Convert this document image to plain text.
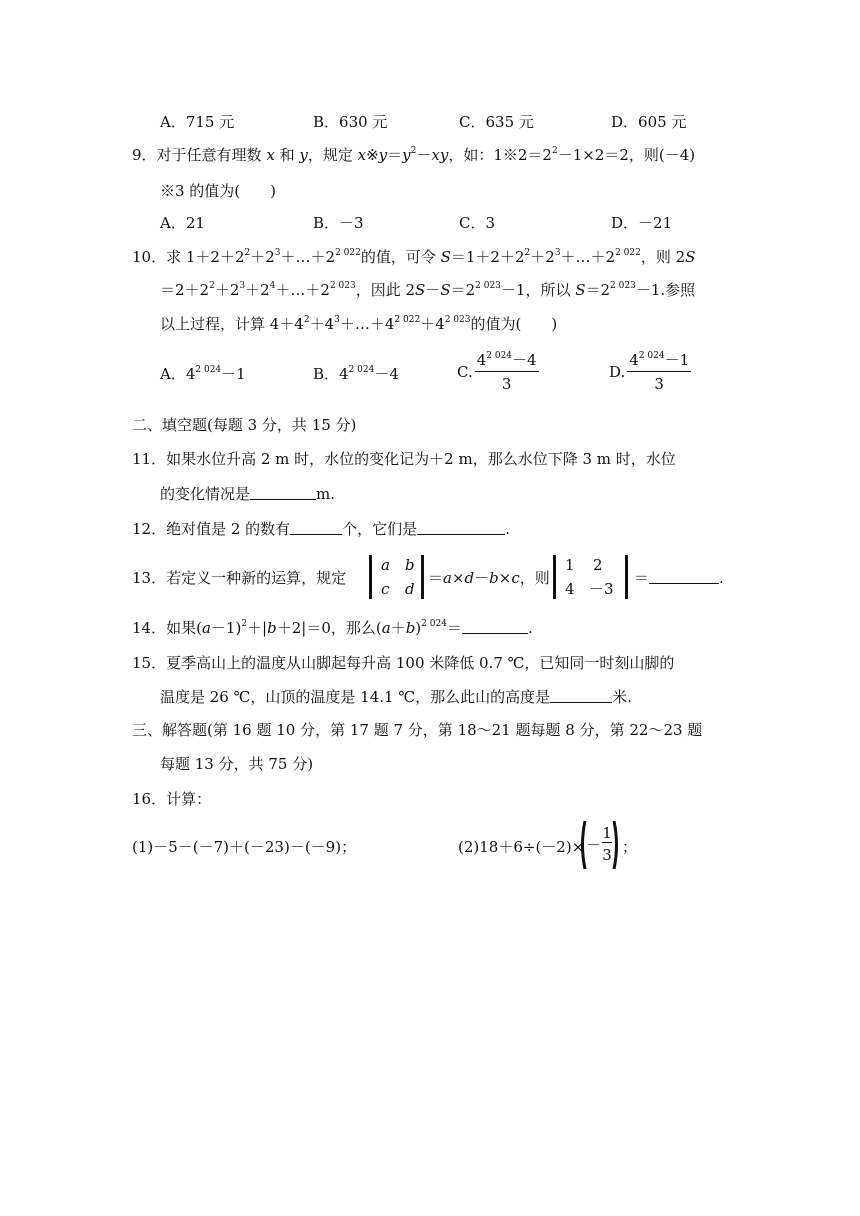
A．715 元	B．630 元	C．635 元	D．605 元
9．对于任意有理数 x 和 y，规定 $x※y=y^2-xy$，如：$1※2=2^2-1\times 2=2$，则(－4)
※3 的值为(　　)
A．21	B．－3	C．3	D．－21
10．求 $1+2+2^2+2^3+\dots+2^{2 022}$的值，可令 $S=1+2+2^2+2^3+\dots+2^{2 022}$，则 2S
$=2+2^2+2^3+2^4+\dots+2^{2 023}$，因此 $2S-S=2^{2 023}-1$，所以 $S=2^{2 023}-1$.参照
以上过程，计算 $4+4^2+4^3+\dots+4^{2 022}+4^{2 023}$的值为(　　)
A．$4^{2 024}-1$	B．$4^{2 024}-4$	C. $\frac{4^{2 024}-4}{3}$	D. $\frac{4^{2 024}-1}{3}$
二、填空题(每题 3 分，共 15 分)
11．如果水位升高 2 m 时，水位的变化记为＋2 m，那么水位下降 3 m 时，水位
的变化情况是	m.
12．绝对值是 2 的数有	个，它们是	.
13．若定义一种新的运算，规定
a b
c d
＝a×d－b×c，则
1 2
4 －3
＝	.
14．如果$(a-1)^2+|b+2|=0$，那么$(a+b)^{2 024}=$	.
15．夏季高山上的温度从山脚起每升高 100 米降低 0.7 ℃，已知同一时刻山脚的
温度是 26 ℃，山顶的温度是 14.1 ℃，那么此山的高度是	米.
三、解答题(第 16 题 10 分，第 17 题 7 分，第 18～21 题每题 8 分，第 22～23 题
每题 13 分，共 75 分)
16．计算：
(1)－5－(－7)＋(－23)－(－9)；	(2)18＋6÷(－2)× －
1
3 ；
